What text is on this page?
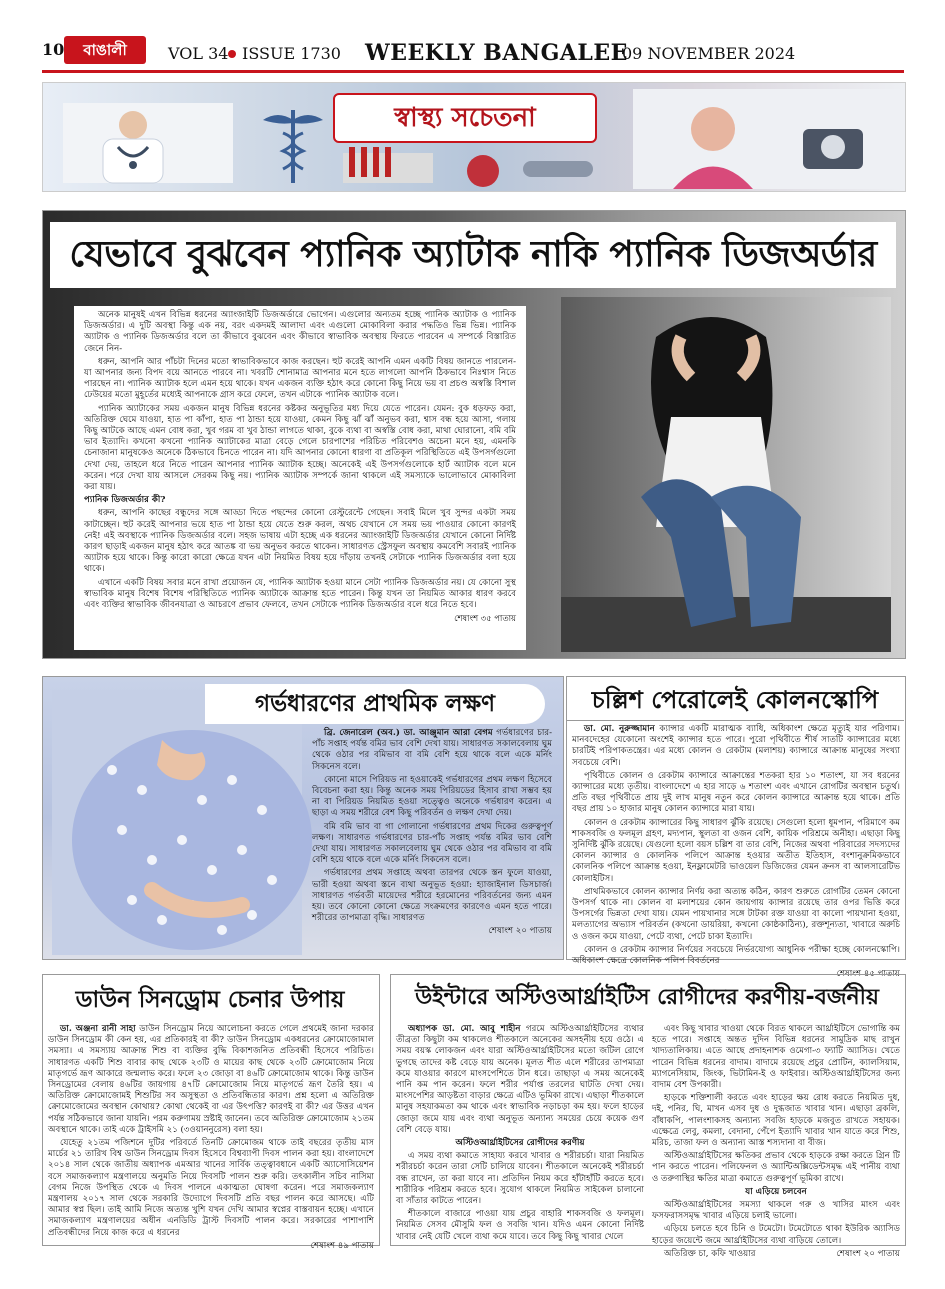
10	বাঙালী	VOL 34 ISSUE 1730 WEEKLY BANGALEE
09 NOVEMBER 2024
স্বাস্থ্য সচেতনা
যেভাবে বুঝবেন প্যানিক অ্যাটাক নাকি প্যানিক ডিজঅর্ডার

অনেক মানুষই এখন বিভিন্ন ধরনের অ্যাংজাইটি ডিজঅর্ডারে ভোগেন। এগুলোর অন্যতম হচ্ছে প্যানিক অ্যাটাক ও প্যানিক ডিজঅর্ডার। এ দুটি অবস্থা কিন্তু এক নয়, বরং একদমই আলাদা এবং এগুলো মোকাবিলা করার পদ্ধতিও ভিন্ন ভিন্ন। প্যানিক অ্যাটাক ও প্যানিক ডিজঅর্ডার বলে তা কীভাবে বুঝবেন এবং কীভাবে স্বাভাবিক অবস্থায় ফিরতে পারবেন এ সম্পর্কে বিস্তারিত জেনে নিন-

ধরুন, আপনি আর পাঁচটা দিনের মতো স্বাভাবিকভাবে কাজ করছেন। হুট করেই আপনি এমন একটি বিষয় জানতে পারলেন- যা আপনার জন্য বিপদ বয়ে আনতে পারবে না। খবরটি শোনামাত্র আপনার মনে হতে লাগলো আপনি ঠিকভাবে নিঃশ্বাস নিতে পারছেন না। প্যানিক অ্যাটাক হলে এমন হয়ে থাকে। যখন একজন ব্যক্তি হঠাৎ করে কোনো কিছু নিয়ে ভয় বা প্রচণ্ড অস্বস্তি বিশাল ঢেউয়ের মতো মুহূর্তের মধ্যেই আপনাকে গ্রাস করে ফেলে, তখন এটাকে প্যানিক অ্যাটাক বলে।

প্যানিক অ্যাটাকের সময় একজন মানুষ বিভিন্ন ধরনের কষ্টকর অনুভূতির মধ্য দিয়ে যেতে পারেন। যেমন: বুক ধড়ফড় করা, অতিরিক্ত ঘেমে যাওয়া, হাত পা কাঁপা, হাত পা ঠান্ডা হয়ে যাওয়া, কেমন কিছু ঝাঁ ঝাঁ অনুভব করা, শ্বাস বন্ধ হয়ে আসা, গলায় কিছু আটকে আছে এমন বোধ করা, খুব গরম বা খুব ঠান্ডা লাগতে থাকা, বুকে ব্যথা বা অস্বস্তি বোধ করা, মাথা ঘোরানো, বমি বমি ভাব ইত্যাদি। কখনো কখনো প্যানিক অ্যাটাকের মাত্রা বেড়ে গেলে চারপাশের পরিচিত পরিবেশও অচেনা মনে হয়, এমনকি চেনাজানা মানুষকেও অনেকে ঠিকভাবে চিনতে পারেন না। যদি আপনার কোনো ধারণা বা প্রতিকূল পরিস্থিতিতে এই উপসর্গগুলো দেখা দেয়, তাহলে ধরে নিতে পারেন আপনার প্যানিক অ্যাটাক হচ্ছে। অনেকেই এই উপসর্গগুলোকে হার্ট অ্যাটাক বলে মনে করেন। পরে দেখা যায় আসলে সেরকম কিছু নয়। প্যানিক অ্যাটাক সম্পর্কে জানা থাকলে এই সমস্যাকে ভালোভাবে মোকাবিলা করা যায়।

প্যানিক ডিজঅর্ডার কী?

ধরুন, আপনি কাছের বন্ধুদের সঙ্গে আড্ডা দিতে পছন্দের কোনো রেস্টুরেন্টে গেছেন। সবাই মিলে খুব সুন্দর একটা সময় কাটাচ্ছেন। হুট করেই আপনার ভয়ে হাত পা ঠান্ডা হয়ে যেতে শুরু করল, অথচ যেখানে সে সময় ভয় পাওয়ার কোনো কারণই নেই! এই অবস্থাকে প্যানিক ডিজঅর্ডার বলে। সহজ ভাষায় এটা হচ্ছে এক ধরনের অ্যাংজাইটি ডিজঅর্ডার যেখানে কোনো নির্দিষ্ট কারণ ছাড়াই একজন মানুষ হঠাৎ করে আতঙ্ক বা ভয় অনুভব করতে থাকেন। সাধারণত স্ট্রেসফুল অবস্থায় কমবেশি সবারই প্যানিক অ্যাটাক হয়ে থাকে। কিন্তু কারো কারো ক্ষেত্রে যখন এটা নিয়মিত বিষয় হয়ে দাঁড়ায় তখনই সেটাকে প্যানিক ডিজঅর্ডার বলা হয়ে থাকে।

এখানে একটি বিষয় সবার মনে রাখা প্রয়োজন যে, প্যানিক অ্যাটাক হওয়া মানে সেটা প্যানিক ডিজঅর্ডার নয়। যে কোনো সুস্থ স্বাভাবিক মানুষ বিশেষ বিশেষ পরিস্থিতিতে প্যানিক অ্যাটাকে আক্রান্ত হতে পারেন। কিন্তু যখন তা নিয়মিত আকার ধারণ করবে এবং ব্যক্তির স্বাভাবিক জীবনযাত্রা ও আচরণে প্রভাব ফেলবে, তখন সেটাকে প্যানিক ডিজঅর্ডার বলে ধরে নিতে হবে।

শেষাংশ ৩৫ পাতায়

গর্ভধারণের প্রাথমিক লক্ষণ

ব্রি. জেনারেল (অব.) ডা. আঞ্জুমান আরা বেগম গর্ভধারণের চার-পাঁচ সপ্তাহ পর্যন্ত বমির ভাব বেশি দেখা যায়। সাধারণত সকালবেলায় ঘুম থেকে ওঠার পর বমিভাব বা বমি বেশি হয়ে থাকে বলে একে মর্নিং সিকনেস বলে।

কোনো মাসে পিরিয়ড না হওয়াকেই গর্ভধারণের প্রথম লক্ষণ হিসেবে বিবেচনা করা হয়। কিন্তু অনেক সময় পিরিয়ডের হিসাব রাখা সম্ভব হয় না বা পিরিয়ড নিয়মিত হওয়া সত্ত্বেও অনেকে গর্ভধারণ করেন। এ ছাড়া এ সময় শরীরে বেশ কিছু পরিবর্তন ও লক্ষণ দেখা দেয়।

বমি বমি ভাব বা গা গোলানো গর্ভধারণের প্রথম দিকের গুরুত্বপূর্ণ লক্ষণ। সাধারণত গর্ভধারণের চার-পাঁচ সপ্তাহ পর্যন্ত বমির ভাব বেশি দেখা যায়। সাধারণত সকালবেলায় ঘুম থেকে ওঠার পর বমিভাব বা বমি বেশি হয়ে থাকে বলে একে মর্নিং সিকনেস বলে।

গর্ভধারণের প্রথম সপ্তাহে অথবা তারপর থেকে স্তন ফুলে যাওয়া, ভারী হওয়া অথবা স্তনে ব্যথা অনুভূত হওয়া: হ্যাজাইনাল ডিসচার্জ। সাধারণত গর্ভবতী মায়েদের শরীরে হরমোনের পরিবর্তনের জন্য এমন হয়। তবে কোনো কোনো ক্ষেত্রে সংক্রমণের কারণেও এমন হতে পারে। শরীরের তাপমাত্রা বৃদ্ধি। সাধারণত

শেষাংশ ২০ পাতায়

চল্লিশ পেরোলেই কোলনস্কোপি

ডা. মো. নুরুজ্জামান ক্যান্সার একটি মারাত্মক ব্যাধি, অধিকাংশ ক্ষেত্রে মৃত্যুই যার পরিণাম। মানবদেহের যেকোনো অংশেই ক্যান্সার হতে পারে। পুরো পৃথিবীতে শীর্ষ সাতটি ক্যান্সারের মধ্যে চারটিই পরিপাকতন্ত্রের। এর মধ্যে কোলন ও রেকটাম (মলাশয়) ক্যান্সারে আক্রান্ত মানুষের সংখ্যা সবচেয়ে বেশি।

পৃথিবীতে কোলন ও রেকটাম ক্যান্সারে আক্রান্তের শতকরা হার ১০ শতাংশ, যা সব ধরনের ক্যান্সারের মধ্যে তৃতীয়। বাংলাদেশে এ হার সাড়ে ৬ শতাংশ এবং এখানে রোগটির অবস্থান চতুর্থ। প্রতি বছর পৃথিবীতে প্রায় দুই লাখ মানুষ নতুন করে কোলন ক্যান্সারে আক্রান্ত হয়ে থাকে। প্রতি বছর প্রায় ১০ হাজার মানুষ কোলন ক্যান্সারে মারা যায়।

কোলন ও রেকটাম ক্যান্সারের কিছু সাধারণ ঝুঁকি রয়েছে। সেগুলো হলো ধূমপান, পরিমাণে কম শাকসবজি ও ফলমূল গ্রহণ, মদ্যপান, স্থূলতা বা ওজন বেশি, কায়িক পরিশ্রমে অনীহা। এছাড়া কিছু সুনির্দিষ্ট ঝুঁকি রয়েছে। যেগুলো হলো বয়স চল্লিশ বা তার বেশি, নিজের অথবা পরিবারের সদস্যদের কোলন ক্যান্সার ও কোলনিক পলিপে আক্রান্ত হওয়ার অতীত ইতিহাস, বংশানুক্রমিকভাবে কোলনিক পলিপে আক্রান্ত হওয়া, ইনফ্লামেটরি ভাওয়েল ডিজিজের যেমন ক্রনস বা আলসারেটিভ কোলাইটিস।

প্রাথমিকভাবে কোলন ক্যান্সার নির্ণয় করা অত্যন্ত কঠিন, কারণ শুরুতে রোগটির তেমন কোনো উপসর্গ থাকে না। কোলন বা মলাশয়ের কোন জায়গায় ক্যান্সার রয়েছে তার ওপর ভিত্তি করে উপসর্গের ভিন্নতা দেখা যায়। যেমন পায়খানার সঙ্গে টাটকা রক্ত যাওয়া বা কালো পায়খানা হওয়া, মলত্যাগের অভ্যাস পরিবর্তন (কখনো ডায়রিয়া, কখনো কোষ্ঠকাঠিন্য), রক্তশূন্যতা, খাবারে অরুচি ও ওজন কমে যাওয়া, পেটে ব্যথা, পেটে চাকা ইত্যাদি।

কোলন ও রেকটাম ক্যান্সার নির্ণয়ের সবচেয়ে নির্ভরযোগ্য আধুনিক পরীক্ষা হচ্ছে কোলনস্কোপি। অধিকাংশ ক্ষেত্রে কোলনিক পলিপ বিবর্তনের

শেষাংশ ৪৫ পাতায়

ডাউন সিনড্রোম চেনার উপায়

ডা. অঞ্জনা রানী সাহা ডাউন সিনড্রোম নিয়ে আলোচনা করতে গেলে প্রথমেই জানা দরকার ডাউন সিনড্রোম কী কেন হয়, এর প্রতিকারই বা কী? ডাউন সিনড্রোম একধরনের ক্রোমোজোমাল সমস্যা। এ সমস্যায় আক্রান্ত শিশু বা ব্যক্তির বুদ্ধি বিকাশজনিত প্রতিবন্ধী হিসেবে পরিচিত। সাধারণত একটি শিশু বাবার কাছ থেকে ২৩টি ও মায়ের কাছ থেকে ২৩টি ক্রোমোজোম নিয়ে মাতৃগর্ভে ভ্রূণ আকারে জন্মলাভ করে। ফলে ২৩ জোড়া বা ৪৬টি ক্রোমোজোম থাকে। কিন্তু ডাউন সিনড্রোমের বেলায় ৪৬টির জায়গায় ৪৭টি ক্রোমোজোম নিয়ে মাতৃগর্ভে ভ্রূণ তৈরি হয়। এ অতিরিক্ত ক্রোমোজোমই শিশুটির সব অসুস্থতা ও প্রতিবন্ধিতার কারণ। প্রশ্ন হলো এ অতিরিক্ত ক্রোমোজোমের অবস্থান কোথায়? কোথা থেকেই বা এর উৎপত্তি? কারণই বা কী? এর উত্তর এখন পর্যন্ত সঠিকভাবে জানা যায়নি। পরম করুণাময় স্রষ্টাই জানেন। তবে অতিরিক্ত ক্রোমোজোম ২১তম অবস্থানে থাকে। তাই একে ট্রাইসমি ২১ (৩ওয়াননুরেস) বলা হয়।

যেহেতু ২১তম পজিশনে দুটির পরিবর্তে তিনটি ক্রোমোজম থাকে তাই বছরের তৃতীয় মাস মার্চের ২১ তারিখ বিশ্ব ডাউন সিনড্রোম দিবস হিসেবে বিশ্বব্যাপী দিবস পালন করা হয়। বাংলাদেশে ২০১৪ সাল থেকে জাতীয় অধ্যাপক এমআর খানের সার্বিক তত্ত্বাবধানে একটি অ্যাসোসিয়েশন বসে সমাজকল্যাণ মন্ত্রণালয়ে অনুমতি নিয়ে দিবসটি পালন শুরু করি। তৎকালীন সচিব নাসিমা বেগম নিজে উপস্থিত থেকে এ দিবস পালনে একাত্মতা ঘোষণা করেন। পরে সমাজকল্যাণ মন্ত্রণালয় ২০১৭ সাল থেকে সরকারি উদ্যোগে দিবসটি প্রতি বছর পালন করে আসছে। এটি আমার স্বপ্ন ছিল। তাই আমি নিজে অত্যন্ত খুশি যখন দেখি আমার স্বপ্নের বাস্তবায়ন হচ্ছে। এখানে সমাজকল্যাণ মন্ত্রণালয়ের অধীন এনডিডি ট্রাস্ট দিবসটি পালন করে। সরকারের পাশাপাশি প্রতিবন্ধীদের নিয়ে কাজ করে এ ধরনের

শেষাংশ ৪৯ পাতায়

উইন্টারে অস্টিওআর্থ্রাইটিস রোগীদের করণীয়-বর্জনীয়

অধ্যাপক ডা. মো. আবু শাহীন গরমে অস্টিওআর্থ্রাইটিসের ব্যথার তীব্রতা কিছুটা কম থাকলেও শীতকালে অনেকের অসহনীয় হয়ে ওঠে। এ সময় বয়স্ক লোকজন এবং যারা অস্টিওআর্থ্রাইটিসের মতো জটিল রোগে ভুগছে তাদের কষ্ট বেড়ে যায় অনেক। মূলত শীত এলে শরীরের তাপমাত্রা কমে যাওয়ার কারণে মাংসপেশিতে টান ধরে। তাছাড়া এ সময় অনেকেই পানি কম পান করেন। ফলে শরীর পর্যাপ্ত তরলের ঘাটতি দেখা দেয়। মাংসপেশির আড়ষ্টতা বাড়ার ক্ষেত্রে এটিও ভূমিকা রাখে। এছাড়া শীতকালে মানুষ সহযাকমতা কম থাকে এবং স্বাভাবিক নড়াচড়া কম হয়। ফলে হাড়ের জোড়া জমে যায় এবং ব্যথা অনুভূত অন্যান্য সময়ের চেয়ে কয়েক গুণ বেশি বেড়ে যায়।

অস্টিওআর্থ্রাইটিসের রোগীদের করণীয়

এ সময় ব্যথা কমাতে সাহায্য করবে খাবার ও শরীরচর্চা। যারা নিয়মিত শরীরচর্চা করেন তারা সেটি চালিয়ে যাবেন। শীতকালে অনেকেই শরীরচর্চা বন্ধ রাখেন, তা করা যাবে না। প্রতিদিন নিয়ম করে হাঁটাহাঁটি করতে হবে। শারীরিক পরিশ্রম করতে হবে। সুযোগ থাকলে নিয়মিত সাইকেল চালানো বা সাঁতার কাটতে পারেন।

শীতকালে বাজারে পাওয়া যায় প্রচুর বাহারি শাকসবজি ও ফলমূল। নিয়মিত সেসব মৌসুমি ফল ও সবজি খান। যদিও এমন কোনো নির্দিষ্ট খাবার নেই যেটি খেলে ব্যথা কমে যাবে। তবে কিছু কিছু খাবার খেলে

এবং কিছু খাবার খাওয়া থেকে বিরত থাকলে আর্থ্রাইটিসে ভোগান্তি কম হতে পারে। সপ্তাহে অন্তত দুদিন বিভিন্ন ধরনের সামুদ্রিক মাছ রাখুন খাদ্যতালিকায়। এতে আছে প্রদাহনাশক ওমেগা-৩ ফ্যাটি অ্যাসিড। খেতে পারেন বিভিন্ন ধরনের বাদাম। বাদামে রয়েছে প্রচুর প্রোটিন, ক্যালসিয়াম, ম্যাগনেসিয়াম, জিংক, ভিটামিন-ই ও ফাইবার। অস্টিওআর্থ্রাইটিসের জন্য বাদাম বেশ উপকারী।

হাড়কে শক্তিশালী করতে এবং হাড়ের ক্ষয় রোধ করতে নিয়মিত দুধ, দই, পনির, ঘি, মাখন এসব দুধ ও দুগ্ধজাত খাবার খান। এছাড়া ব্রকলি, বাঁধাকপি, পালংশাকসহ অন্যান্য সবজি হাড়কে মজবুত রাখতে সহায়ক। এক্ষেত্রে লেবু, কমলা, বেদানা, পেঁপে ইত্যাদি খাবার খান যাতে করে শিশু, মরিচ, তাজা ফল ও অন্যান্য আস্ত শস্যদানা বা বীজ।

অস্টিওআর্থ্রাইটিসের ক্ষতিকর প্রভাব থেকে হাড়কে রক্ষা করতে গ্রিন টি পান করতে পারেন। পলিফেনল ও অ্যান্টিঅক্সিডেন্টসমৃদ্ধ এই পানীয় ব্যথা ও তরুণাস্থির ক্ষতির মাত্রা কমাতে গুরুত্বপূর্ণ ভূমিকা রাখে।

যা এড়িয়ে চলবেন

অস্টিওআর্থ্রাইটিসের সমস্যা থাকলে গরু ও খাসির মাংস এবং ফসফরাসসমৃদ্ধ খাবার এড়িয়ে চলাই ভালো।

এড়িয়ে চলতে হবে চিনি ও টমেটো। টমেটোতে থাকা ইউরিক অ্যাসিড হাড়ের জয়েন্টে জমে আর্থ্রাইটিসের ব্যথা বাড়িয়ে তোলে।

অতিরিক্ত চা, কফি খাওয়ার	শেষাংশ ২০ পাতায়
